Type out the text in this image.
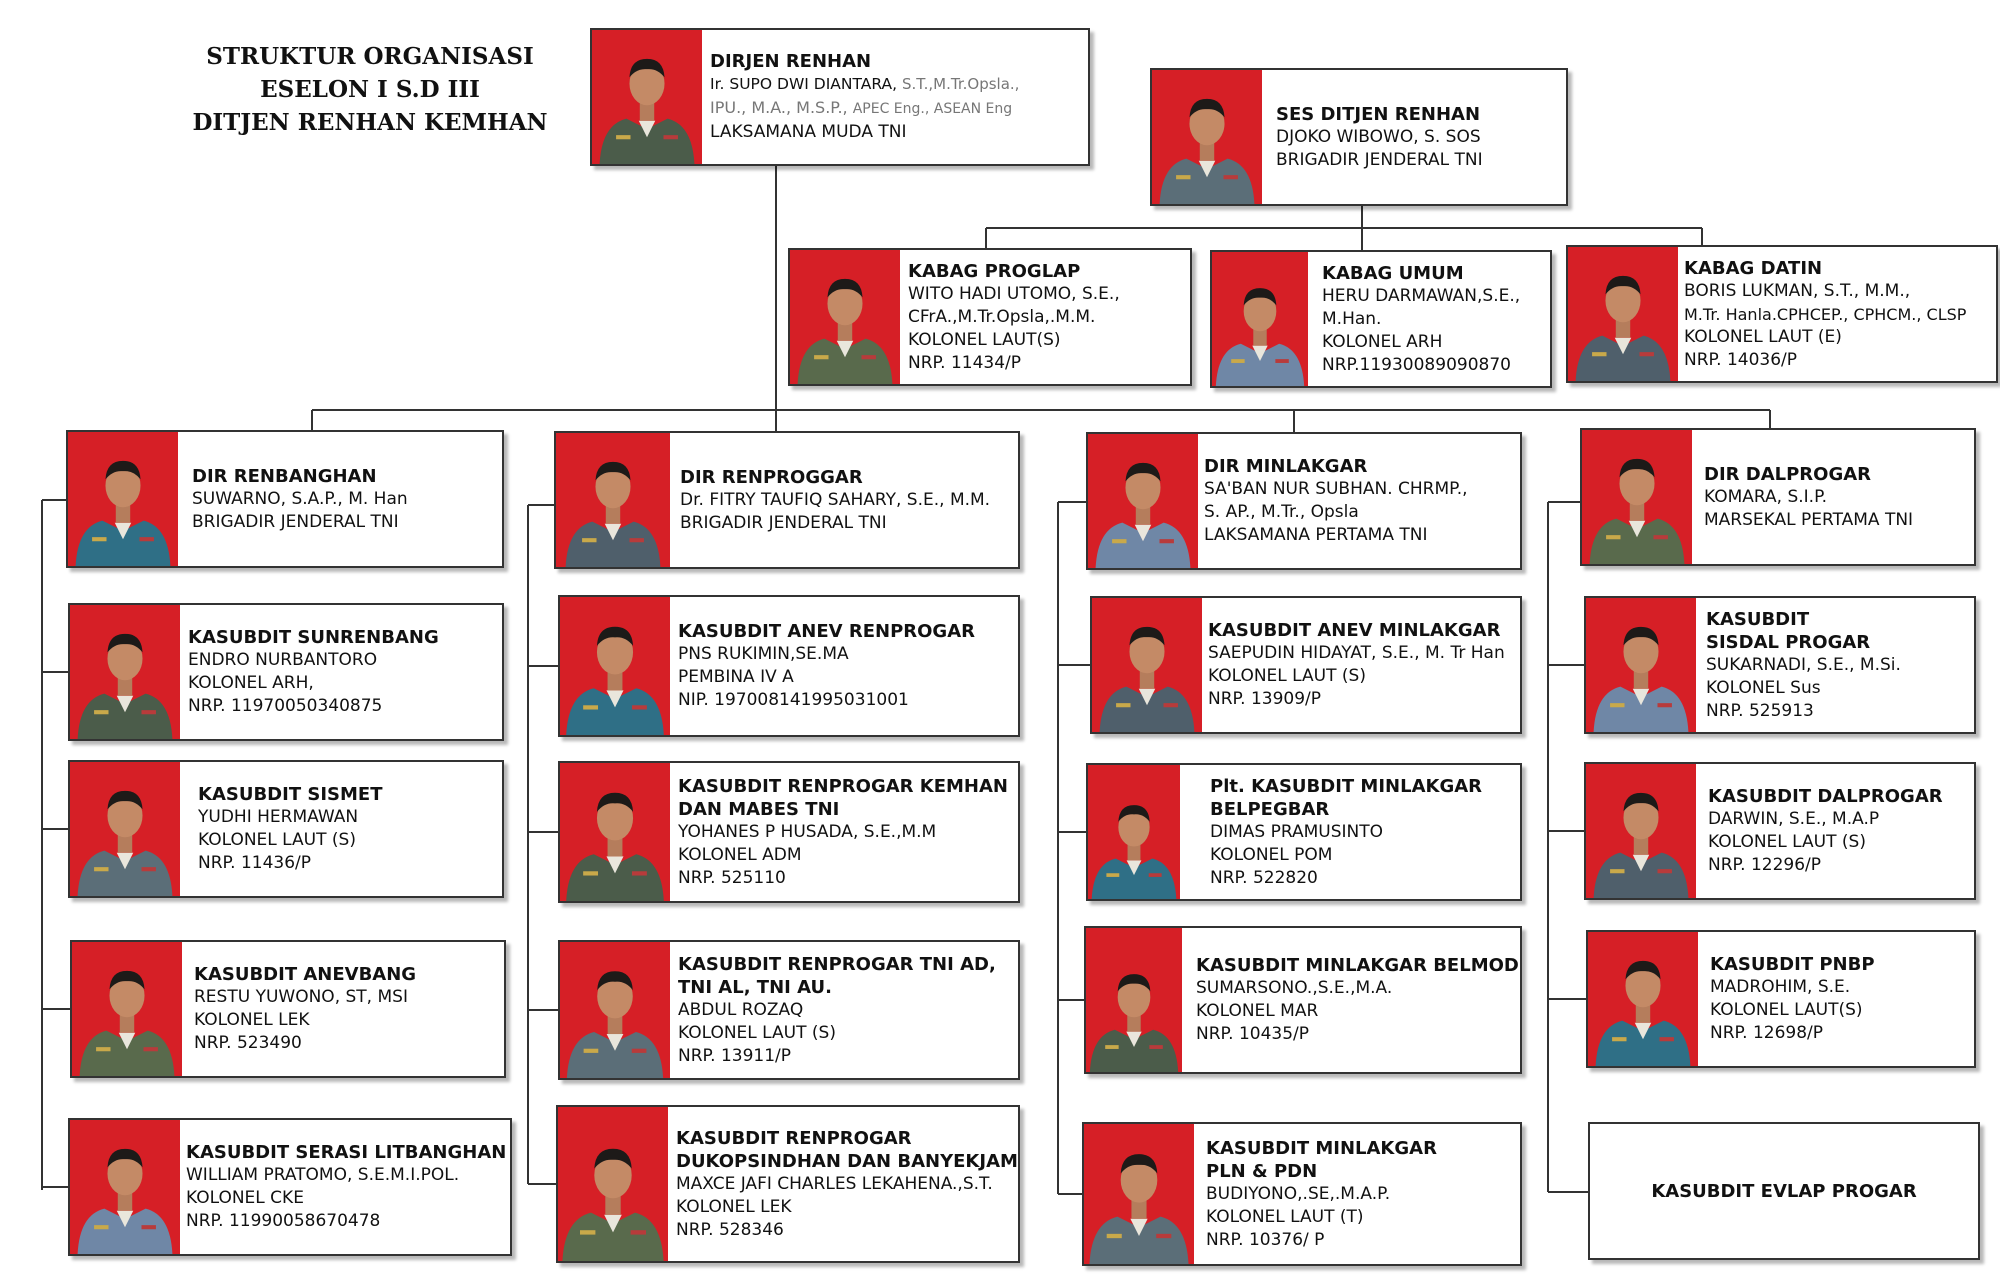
STRUKTUR ORGANISASI
ESELON I S.D III
DITJEN RENHAN KEMHAN
DIRJEN RENHAN
Ir. SUPO DWI DIANTARA, S.T.,M.Tr.Opsla.,
IPU., M.A., M.S.P., APEC Eng., ASEAN Eng
LAKSAMANA MUDA TNI
SES DITJEN RENHAN
DJOKO WIBOWO, S. SOS
BRIGADIR JENDERAL TNI
KABAG PROGLAP
WITO HADI UTOMO, S.E.,
CFrA.,M.Tr.Opsla,.M.M.
KOLONEL LAUT(S)
NRP. 11434/P
KABAG UMUM
HERU DARMAWAN,S.E.,
M.Han.
KOLONEL ARH
NRP.11930089090870
KABAG DATIN
BORIS LUKMAN, S.T., M.M.,
M.Tr. Hanla.CPHCEP., CPHCM., CLSP
KOLONEL LAUT (E)
NRP. 14036/P
DIR RENBANGHAN
SUWARNO, S.A.P., M. Han
BRIGADIR JENDERAL TNI
KASUBDIT SUNRENBANG
ENDRO NURBANTORO
KOLONEL ARH,
NRP. 11970050340875
KASUBDIT SISMET
YUDHI HERMAWAN
KOLONEL LAUT (S)
NRP. 11436/P
KASUBDIT ANEVBANG
RESTU YUWONO, ST, MSI
KOLONEL LEK
NRP. 523490
KASUBDIT SERASI LITBANGHAN
WILLIAM PRATOMO, S.E.M.I.POL.
KOLONEL CKE
NRP. 11990058670478
DIR RENPROGGAR
Dr. FITRY TAUFIQ SAHARY, S.E., M.M.
BRIGADIR JENDERAL TNI
KASUBDIT ANEV RENPROGAR
PNS RUKIMIN,SE.MA
PEMBINA IV A
NIP. 197008141995031001
KASUBDIT RENPROGAR KEMHAN
DAN MABES TNI
YOHANES P HUSADA, S.E.,M.M
KOLONEL ADM
NRP. 525110
KASUBDIT RENPROGAR TNI AD,
TNI AL, TNI AU.
ABDUL ROZAQ
KOLONEL LAUT (S)
NRP. 13911/P
KASUBDIT RENPROGAR
DUKOPSINDHAN DAN BANYEKJAM
MAXCE JAFI CHARLES LEKAHENA.,S.T.
KOLONEL LEK
NRP. 528346
DIR MINLAKGAR
SA'BAN NUR SUBHAN. CHRMP.,
S. AP., M.Tr., Opsla
LAKSAMANA PERTAMA TNI
KASUBDIT ANEV MINLAKGAR
SAEPUDIN HIDAYAT, S.E., M. Tr Han
KOLONEL LAUT (S)
NRP. 13909/P
Plt. KASUBDIT MINLAKGAR
BELPEGBAR
DIMAS PRAMUSINTO
KOLONEL POM
NRP. 522820
KASUBDIT MINLAKGAR BELMOD
SUMARSONO.,S.E.,M.A.
KOLONEL MAR
NRP. 10435/P
KASUBDIT MINLAKGAR
PLN & PDN
BUDIYONO,.SE,.M.A.P.
KOLONEL LAUT (T)
NRP. 10376/ P
DIR DALPROGAR
KOMARA, S.I.P.
MARSEKAL PERTAMA TNI
KASUBDIT
SISDAL PROGAR
SUKARNADI, S.E., M.Si.
KOLONEL Sus
NRP. 525913
KASUBDIT DALPROGAR
DARWIN, S.E., M.A.P
KOLONEL LAUT (S)
NRP. 12296/P
KASUBDIT PNBP
MADROHIM, S.E.
KOLONEL LAUT(S)
NRP. 12698/P
KASUBDIT EVLAP PROGAR
